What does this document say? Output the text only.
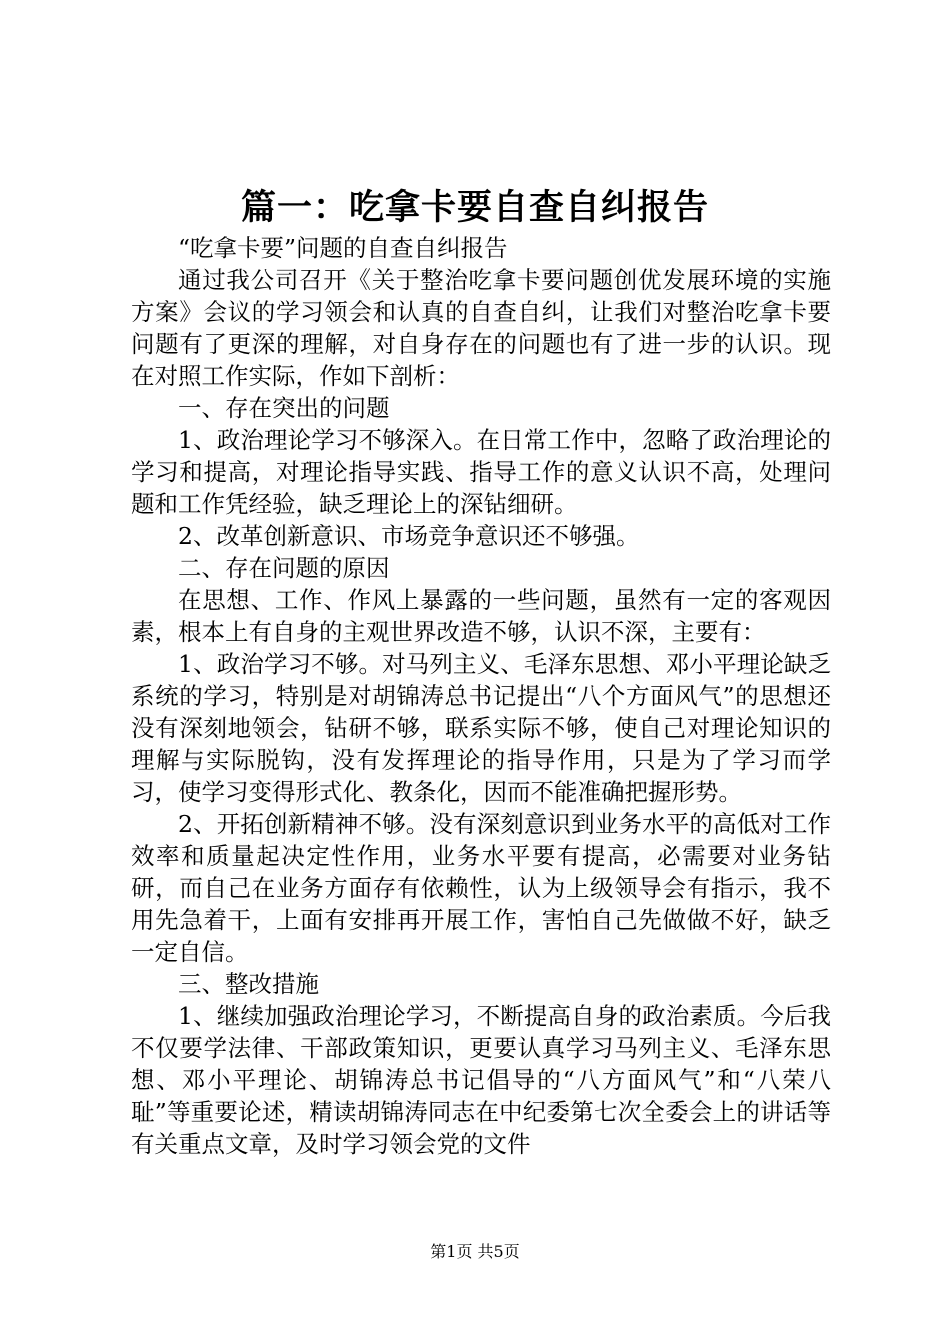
篇一：吃拿卡要自查自纠报告

“吃拿卡要”问题的自查自纠报告

通过我公司召开《关于整治吃拿卡要问题创优发展环境的实施方案》会议的学习领会和认真的自查自纠，让我们对整治吃拿卡要问题有了更深的理解，对自身存在的问题也有了进一步的认识。现在对照工作实际，作如下剖析：

一、存在突出的问题

1、政治理论学习不够深入。在日常工作中，忽略了政治理论的学习和提高，对理论指导实践、指导工作的意义认识不高，处理问题和工作凭经验，缺乏理论上的深钻细研。

2、改革创新意识、市场竞争意识还不够强。

二、存在问题的原因

在思想、工作、作风上暴露的一些问题，虽然有一定的客观因素，根本上有自身的主观世界改造不够，认识不深，主要有：

1、政治学习不够。对马列主义、毛泽东思想、邓小平理论缺乏系统的学习，特别是对胡锦涛总书记提出“八个方面风气”的思想还没有深刻地领会，钻研不够，联系实际不够，使自己对理论知识的理解与实际脱钩，没有发挥理论的指导作用，只是为了学习而学习，使学习变得形式化、教条化，因而不能准确把握形势。

2、开拓创新精神不够。没有深刻意识到业务水平的高低对工作效率和质量起决定性作用，业务水平要有提高，必需要对业务钻研，而自己在业务方面存有依赖性，认为上级领导会有指示，我不用先急着干，上面有安排再开展工作，害怕自己先做做不好，缺乏一定自信。

三、整改措施

1、继续加强政治理论学习，不断提高自身的政治素质。今后我不仅要学法律、干部政策知识，更要认真学习马列主义、毛泽东思想、邓小平理论、胡锦涛总书记倡导的“八方面风气”和“八荣八耻”等重要论述，精读胡锦涛同志在中纪委第七次全委会上的讲话等有关重点文章，及时学习领会党的文件

第1页 共5页
